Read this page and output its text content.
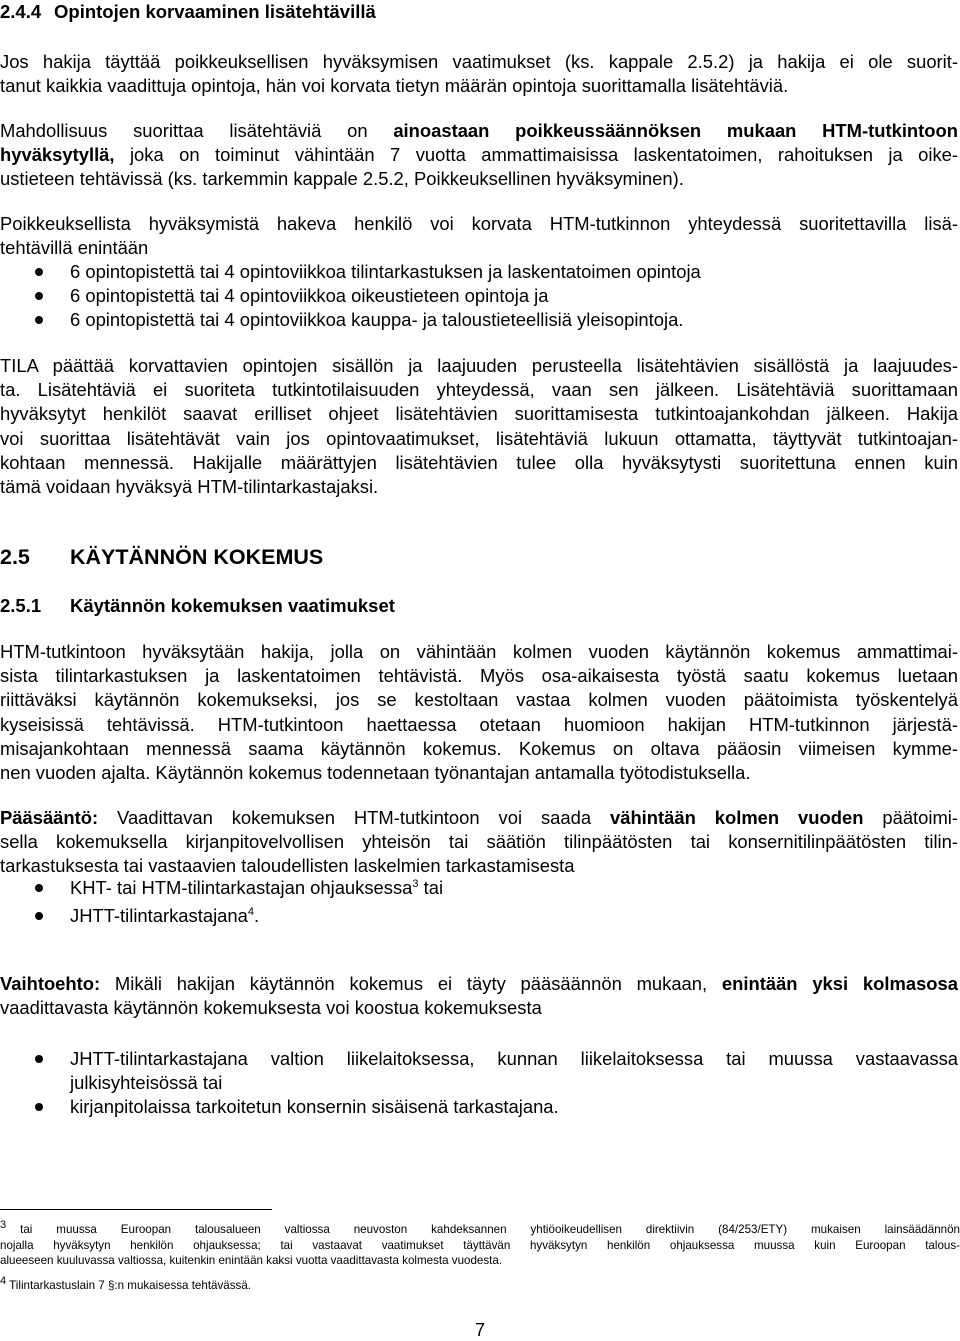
2.4.4 Opintojen korvaaminen lisätehtävillä
Jos hakija täyttää poikkeuksellisen hyväksymisen vaatimukset (ks. kappale 2.5.2) ja hakija ei ole suorit-
tanut kaikkia vaadittuja opintoja, hän voi korvata tietyn määrän opintoja suorittamalla lisätehtäviä.
Mahdollisuus suorittaa lisätehtäviä on ainoastaan poikkeussäännöksen mukaan HTM-tutkintoon
hyväksytyllä, joka on toiminut vähintään 7 vuotta ammattimaisissa laskentatoimen, rahoituksen ja oike-
ustieteen tehtävissä (ks. tarkemmin kappale 2.5.2, Poikkeuksellinen hyväksyminen).
Poikkeuksellista hyväksymistä hakeva henkilö voi korvata HTM-tutkinnon yhteydessä suoritettavilla lisä-
tehtävillä enintään
6 opintopistettä tai 4 opintoviikkoa tilintarkastuksen ja laskentatoimen opintoja
6 opintopistettä tai 4 opintoviikkoa oikeustieteen opintoja ja
6 opintopistettä tai 4 opintoviikkoa kauppa- ja taloustieteellisiä yleisopintoja.
TILA päättää korvattavien opintojen sisällön ja laajuuden perusteella lisätehtävien sisällöstä ja laajuudes-
ta. Lisätehtäviä ei suoriteta tutkintotilaisuuden yhteydessä, vaan sen jälkeen. Lisätehtäviä suorittamaan
hyväksytyt henkilöt saavat erilliset ohjeet lisätehtävien suorittamisesta tutkintoajankohdan jälkeen. Hakija
voi suorittaa lisätehtävät vain jos opintovaatimukset, lisätehtäviä lukuun ottamatta, täyttyvät tutkintoajan-
kohtaan mennessä. Hakijalle määrättyjen lisätehtävien tulee olla hyväksytysti suoritettuna ennen kuin
tämä voidaan hyväksyä HTM-tilintarkastajaksi.
2.5 KÄYTÄNNÖN KOKEMUS
2.5.1 Käytännön kokemuksen vaatimukset
HTM-tutkintoon hyväksytään hakija, jolla on vähintään kolmen vuoden käytännön kokemus ammattimai-
sista tilintarkastuksen ja laskentatoimen tehtävistä. Myös osa-aikaisesta työstä saatu kokemus luetaan
riittäväksi käytännön kokemukseksi, jos se kestoltaan vastaa kolmen vuoden päätoimista työskentelyä
kyseisissä tehtävissä. HTM-tutkintoon haettaessa otetaan huomioon hakijan HTM-tutkinnon järjestä-
misajankohtaan mennessä saama käytännön kokemus. Kokemus on oltava pääosin viimeisen kymme-
nen vuoden ajalta. Käytännön kokemus todennetaan työnantajan antamalla työtodistuksella.
Pääsääntö: Vaadittavan kokemuksen HTM-tutkintoon voi saada vähintään kolmen vuoden päätoimi-
sella kokemuksella kirjanpitovelvollisen yhteisön tai säätiön tilinpäätösten tai konsernitilinpäätösten tilin-
tarkastuksesta tai vastaavien taloudellisten laskelmien tarkastamisesta
KHT- tai HTM-tilintarkastajan ohjauksessa$^3$ tai
JHTT-tilintarkastajana$^4$.
Vaihtoehto: Mikäli hakijan käytännön kokemus ei täyty pääsäännön mukaan, enintään yksi kolmasosa
vaadittavasta käytännön kokemuksesta voi koostua kokemuksesta
JHTT-tilintarkastajana valtion liikelaitoksessa, kunnan liikelaitoksessa tai muussa vastaavassa
julkisyhteisössä tai
kirjanpitolaissa tarkoitetun konsernin sisäisenä tarkastajana.
$^3$ tai muussa Euroopan talousalueen valtiossa neuvoston kahdeksannen yhtiöoikeudellisen direktiivin (84/253/ETY) mukaisen lainsäädännön
nojalla hyväksytyn henkilön ohjauksessa; tai vastaavat vaatimukset täyttävän hyväksytyn henkilön ohjauksessa muussa kuin Euroopan talous-
alueeseen kuuluvassa valtiossa, kuitenkin enintään kaksi vuotta vaadittavasta kolmesta vuodesta.
$^4$ Tilintarkastuslain 7 §:n mukaisessa tehtävässä.
7
